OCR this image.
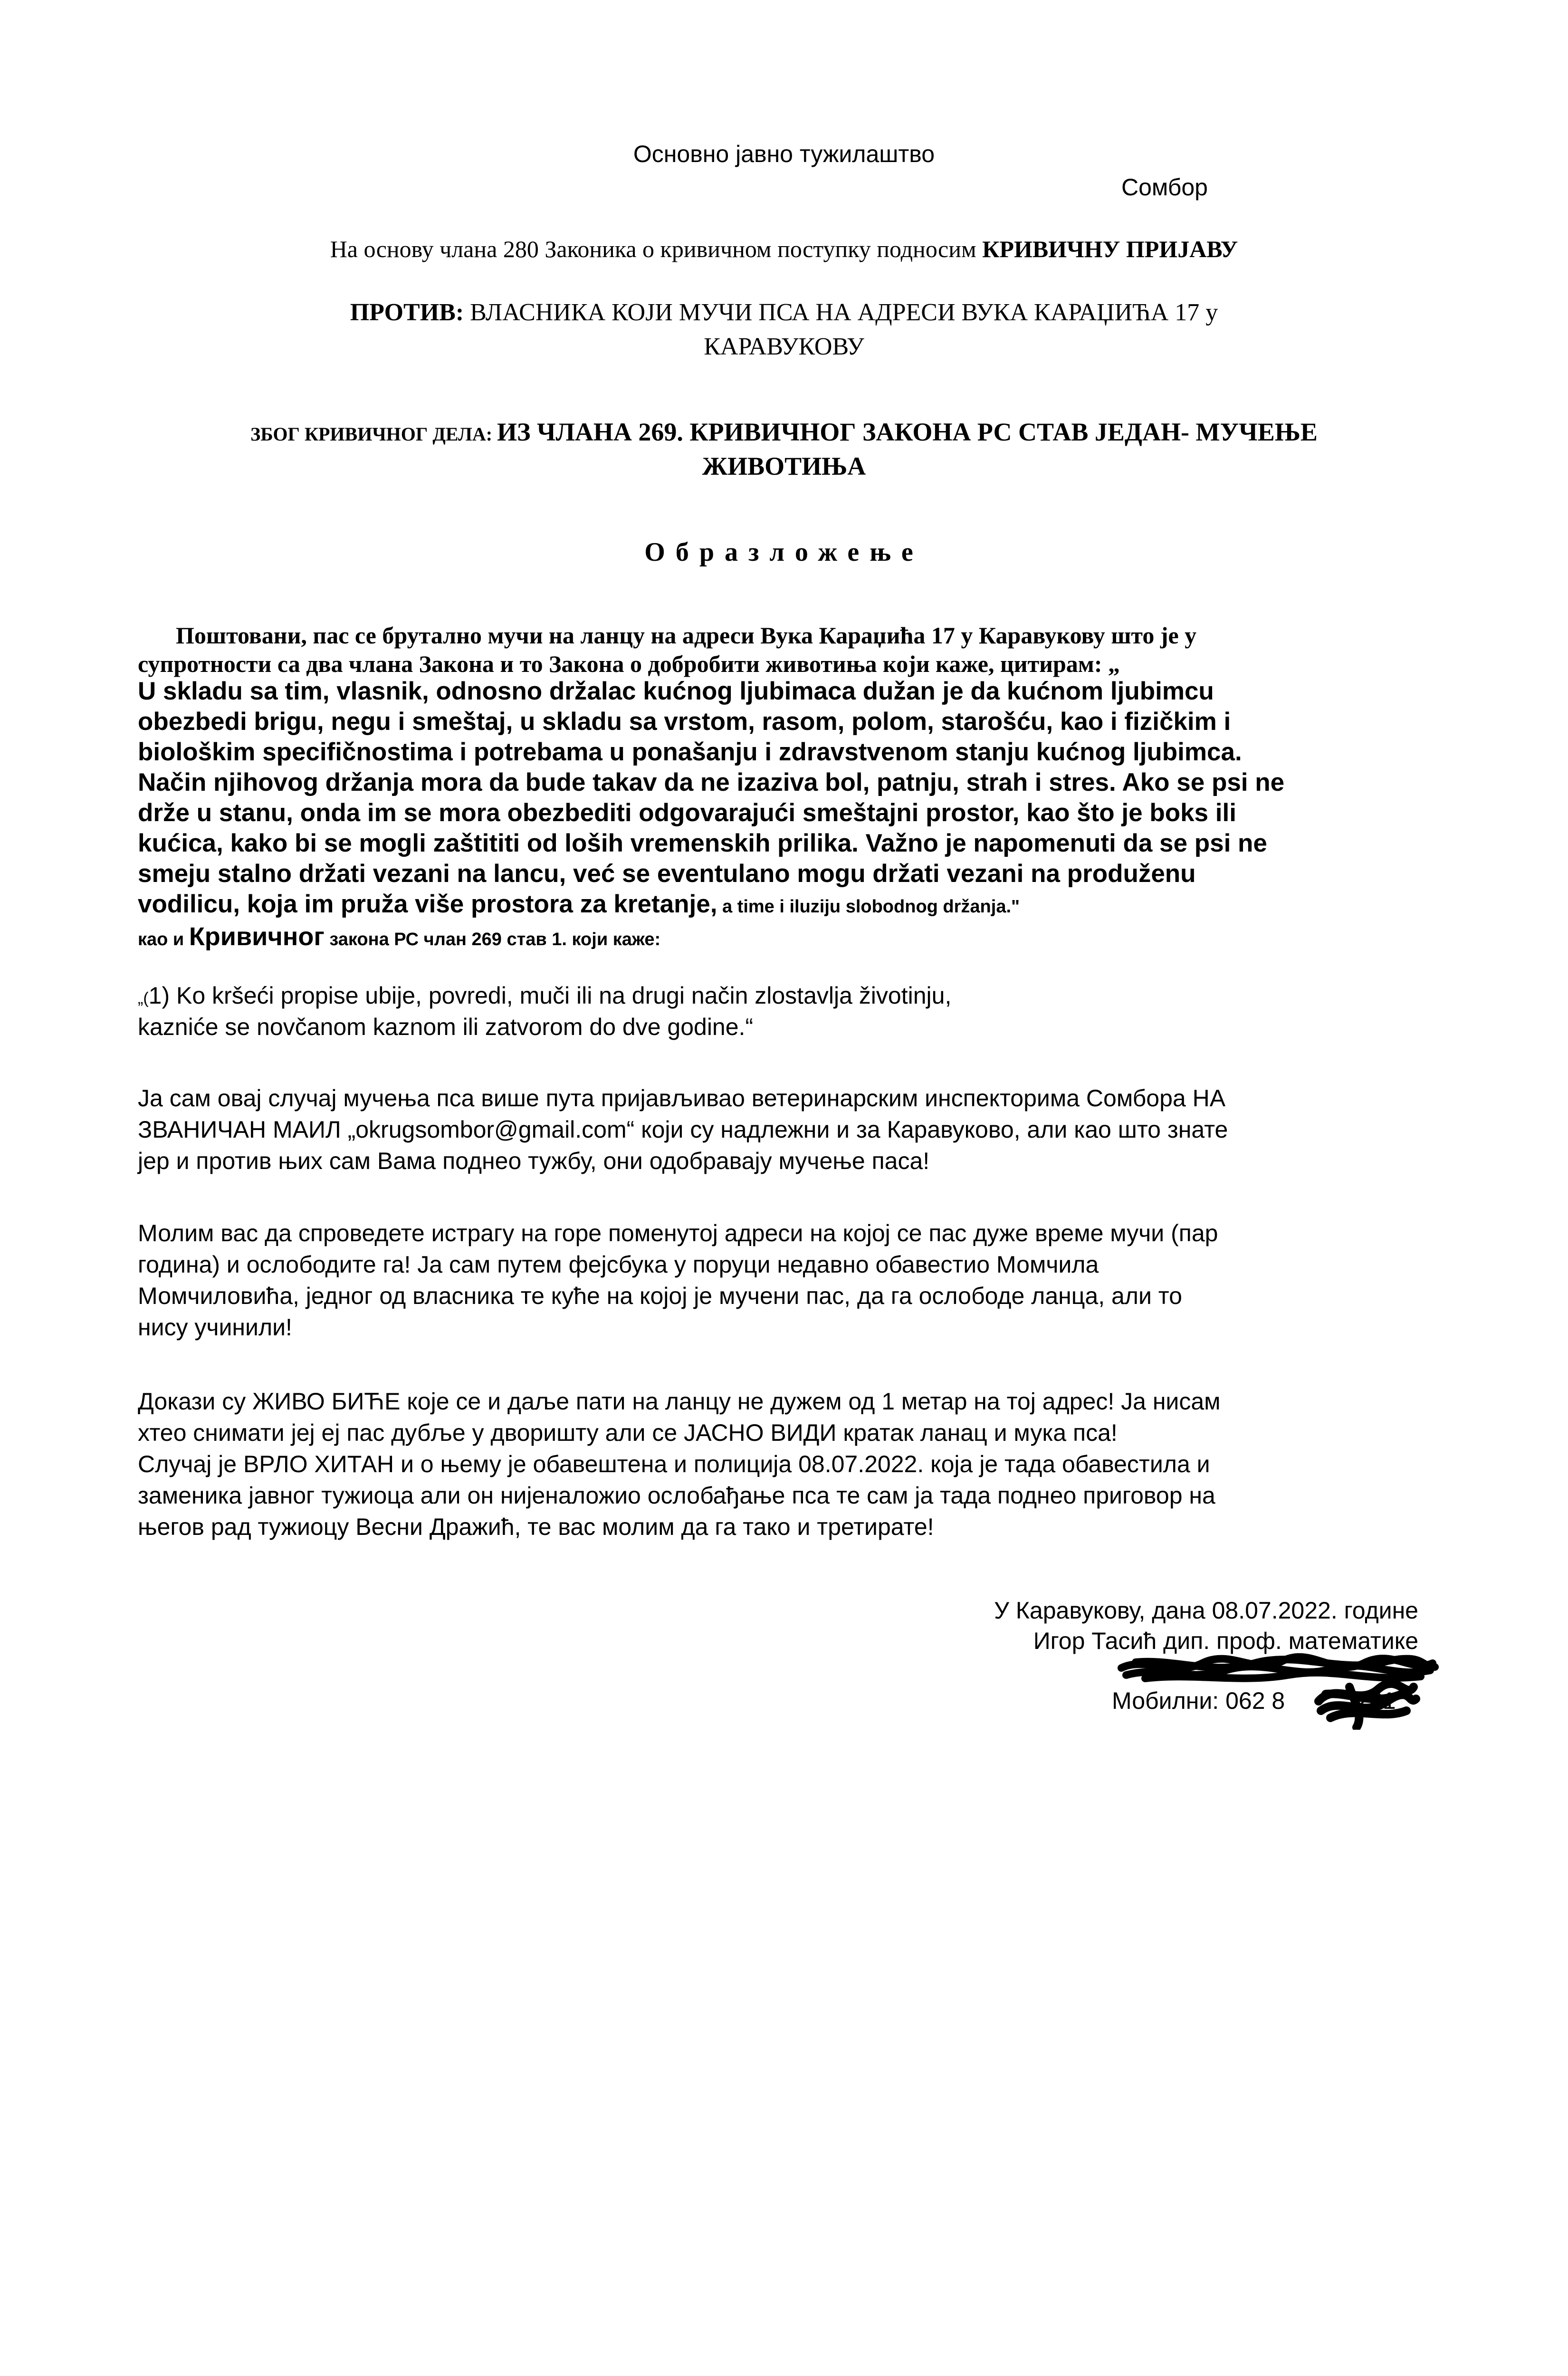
Основно јавно тужилаштво
Сомбор
На основу члана 280 Законика о кривичном поступку подносим КРИВИЧНУ ПРИЈАВУ
ПРОТИВ: ВЛАСНИКА КОЈИ МУЧИ ПСА НА АДРЕСИ ВУКА КАРАЏИЋА 17 у
КАРАВУКОВУ
ЗБОГ КРИВИЧНОГ ДЕЛА: ИЗ ЧЛАНА 269. КРИВИЧНОГ ЗАКОНА РС СТАВ ЈЕДАН- МУЧЕЊЕ
ЖИВОТИЊА
Образложење
Поштовани, пас се брутално мучи на ланцу на адреси Вука Караџића 17 у Каравукову што је у
супротности са два члана Закона и то Закона о добробити животиња који каже, цитирам: „
U skladu sa tim, vlasnik, odnosno držalac kućnog ljubimaca dužan je da kućnom ljubimcu
obezbedi brigu, negu i smeštaj, u skladu sa vrstom, rasom, polom, starošću, kao i fizičkim i
biološkim specifičnostima i potrebama u ponašanju i zdravstvenom stanju kućnog ljubimca.
Način njihovog držanja mora da bude takav da ne izaziva bol, patnju, strah i stres. Ako se psi ne
drže u stanu, onda im se mora obezbediti odgovarajući smeštajni prostor, kao što je boks ili
kućica, kako bi se mogli zaštititi od loših vremenskih prilika. Važno je napomenuti da se psi ne
smeju stalno držati vezani na lancu, već se eventulano mogu držati vezani na produženu
vodilicu, koja im pruža više prostora za kretanje, a time i iluziju slobodnog držanja."
као и Кривичног закона РС члан 269 став 1. који каже:
„(1) Ko kršeći propise ubije, povredi, muči ili na drugi način zlostavlja životinju,
kazniće se novčanom kaznom ili zatvorom do dve godine.“
Ја сам овај случај мучења пса више пута пријављивао ветеринарским инспекторима Сомбора НА
ЗВАНИЧАН МАИЛ „okrugsombor@gmail.com“ који су надлежни и за Каравуково, али као што знате
јер и против њих сам Вама поднео тужбу, они одобравају мучење паса!
Молим вас да спроведете истрагу на горе поменутој адреси на којој се пас дуже време мучи (пар
година) и ослободите га! Ја сам путем фејсбука у поруци недавно обавестио Момчила
Момчиловића, једног од власника те куће на којој је мучени пас, да га ослободе ланца, али то
нису учинили!
Докази су ЖИВО БИЋЕ које се и даље пати на ланцу не дужем од 1 метар на тој адрес! Ја нисам
хтео снимати јеј еј пас дубље у дворишту али се ЈАСНО ВИДИ кратак ланац и мука пса!
Случај је ВРЛО ХИТАН и о њему је обавештена и полиција 08.07.2022. која је тада обавестила и
заменика јавног тужиоца али он нијеналожио ослобађање пса те сам ја тада поднео приговор на
његов рад тужиоцу Весни Дражић, те вас молим да га тако и третирате!
У Каравукову, дана 08.07.2022. године
Игор Тасић дип. проф. математике
Мобилни: 062 8	281
